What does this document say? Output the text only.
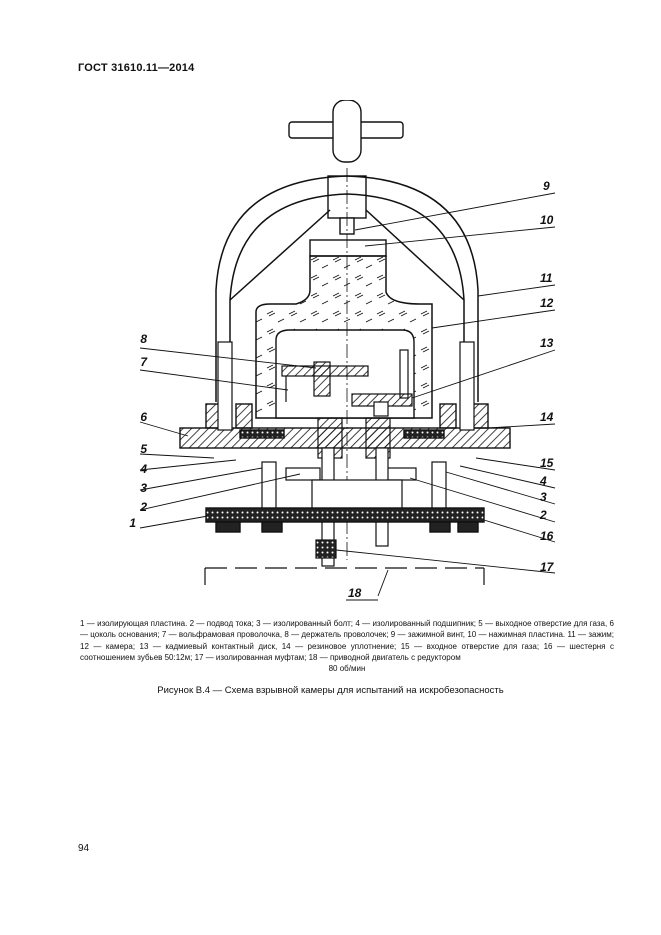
ГОСТ 31610.11—2014
1
2
3
4
5
6
7
8
9
10
11
12
13
14
15
4
3
2
16
17
18
1 — изолирующая пластина. 2 — подвод тока; 3 — изолированный болт; 4 — изолированный подшипник; 5 — выходное отверстие для газа, 6 — цоколь основания; 7 — вольфрамовая проволочка, 8 — держатель проволочек; 9 — зажимной винт, 10 — нажимная пластина. 11 — зажим; 12 — камера; 13 — кадмиевый контактный диск, 14 — резиновое уплотнение; 15 — входное отверстие для газа; 16 — шестерня с соотношением зубьев 50:12м; 17 — изолированная муфтам; 18 — приводной двигатель с редуктором
80 об/мин
Рисунок В.4 — Схема взрывной камеры для испытаний на искробезопасность
94
